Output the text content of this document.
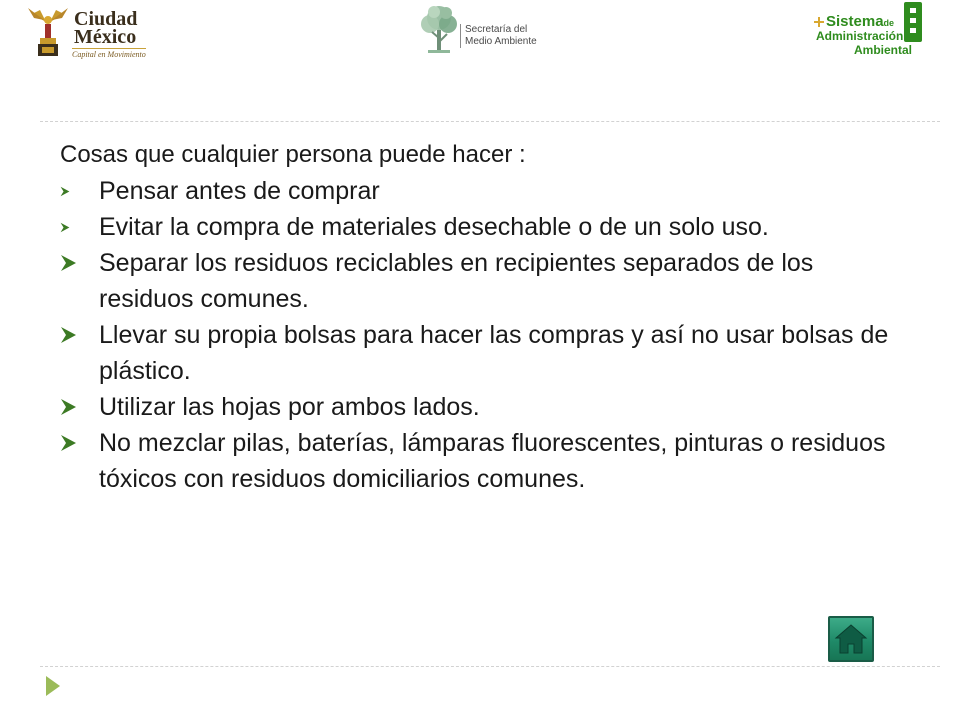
Ciudad
México
Capital en Movimiento
Secretaría del
Medio Ambiente
Sistemade
Administración
Ambiental

Cosas que cualquier persona puede hacer :

Pensar antes de comprar
Evitar la compra de materiales desechable o de un solo uso.
Separar los residuos reciclables en recipientes separados de los residuos comunes.
Llevar su propia bolsas para hacer las compras y así no usar bolsas de plástico.
Utilizar las hojas por ambos lados.
No mezclar pilas, baterías, lámparas fluorescentes, pinturas o residuos tóxicos con residuos domiciliarios comunes.
